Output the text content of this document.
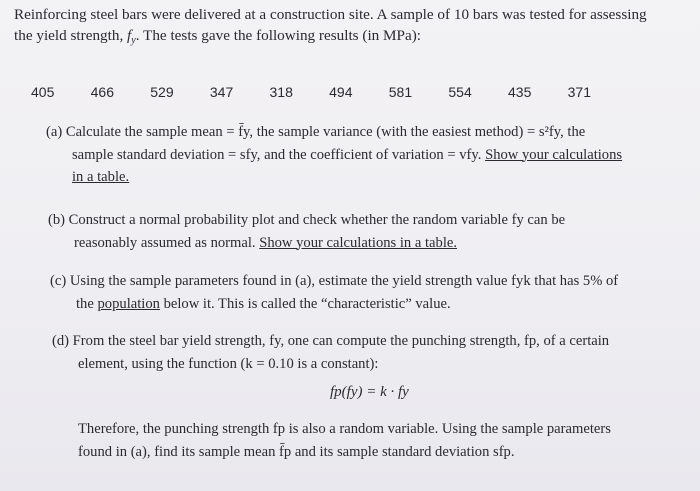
Reinforcing steel bars were delivered at a construction site. A sample of 10 bars was tested for assessing
the yield strength, $f_y$. The tests gave the following results (in MPa):
405	466	529	347	318	494	581	554	435	371
(a) Calculate the sample mean = f̄y, the sample variance (with the easiest method) = s²fy, the
sample standard deviation = sfy, and the coefficient of variation = vfy. Show your calculations
in a table.
(b) Construct a normal probability plot and check whether the random variable fy can be
reasonably assumed as normal. Show your calculations in a table.
(c) Using the sample parameters found in (a), estimate the yield strength value fyk that has 5% of
the population below it. This is called the “characteristic” value.
(d) From the steel bar yield strength, fy, one can compute the punching strength, fp, of a certain
element, using the function (k = 0.10 is a constant):
fp(fy) = k · fy
Therefore, the punching strength fp is also a random variable. Using the sample parameters
found in (a), find its sample mean f̄p and its sample standard deviation sfp.
